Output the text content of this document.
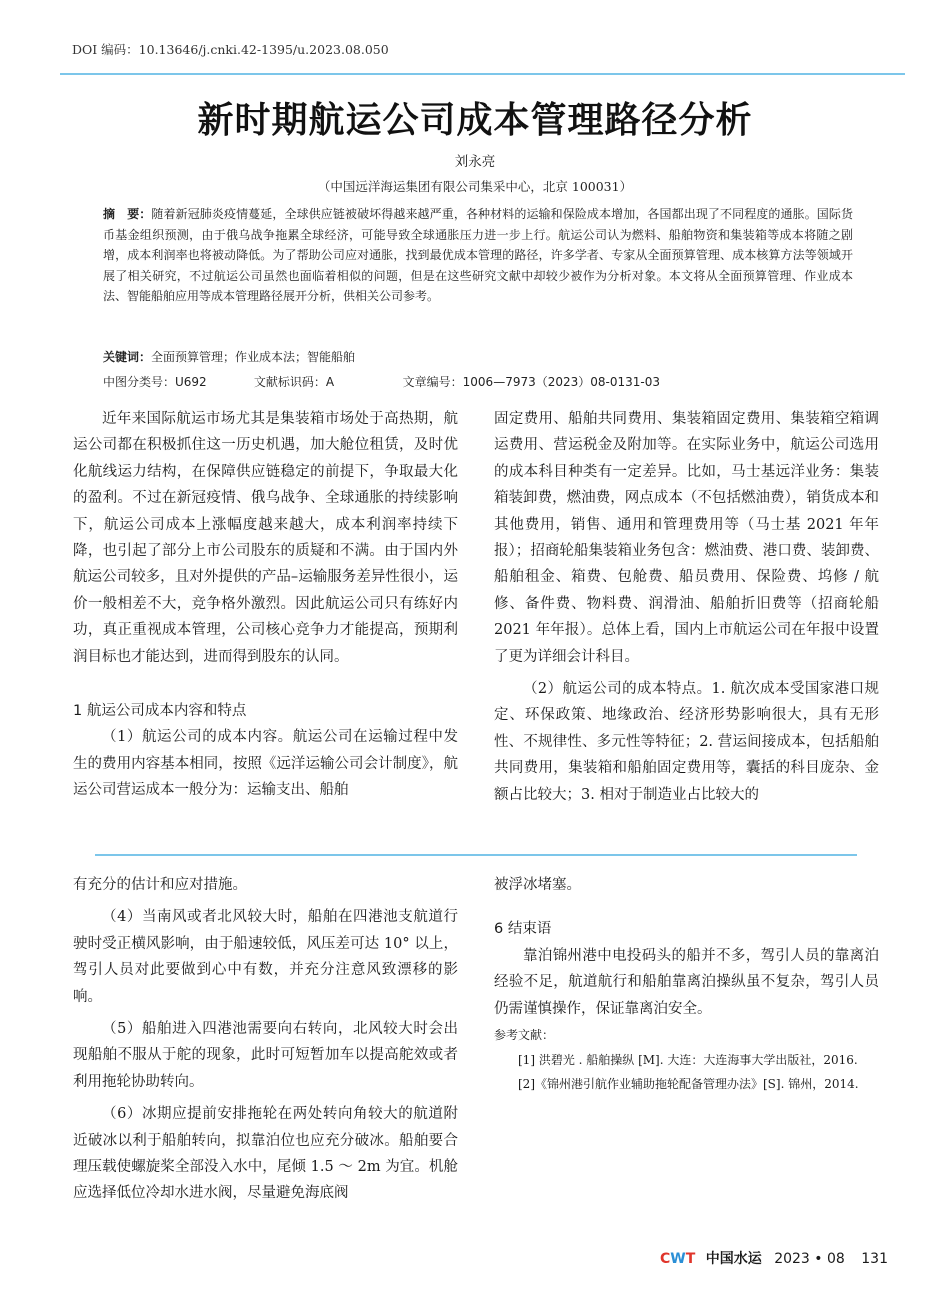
DOI 编码：10.13646/j.cnki.42-1395/u.2023.08.050
新时期航运公司成本管理路径分析
刘永亮
（中国远洋海运集团有限公司集采中心，北京 100031）
摘　要：随着新冠肺炎疫情蔓延，全球供应链被破坏得越来越严重，各种材料的运输和保险成本增加，各国都出现了不同程度的通胀。国际货币基金组织预测，由于俄乌战争拖累全球经济，可能导致全球通胀压力进一步上行。航运公司认为燃料、船舶物资和集装箱等成本将随之剧增，成本利润率也将被动降低。为了帮助公司应对通胀，找到最优成本管理的路径，许多学者、专家从全面预算管理、成本核算方法等领域开展了相关研究，不过航运公司虽然也面临着相似的问题，但是在这些研究文献中却较少被作为分析对象。本文将从全面预算管理、作业成本法、智能船舶应用等成本管理路径展开分析，供相关公司参考。
关键词：全面预算管理；作业成本法；智能船舶
中图分类号：U692	文献标识码：A	文章编号：1006—7973（2023）08-0131-03

近年来国际航运市场尤其是集装箱市场处于高热期，航运公司都在积极抓住这一历史机遇，加大舱位租赁，及时优化航线运力结构，在保障供应链稳定的前提下，争取最大化的盈利。不过在新冠疫情、俄乌战争、全球通胀的持续影响下，航运公司成本上涨幅度越来越大，成本利润率持续下降，也引起了部分上市公司股东的质疑和不满。由于国内外航运公司较多，且对外提供的产品–运输服务差异性很小，运价一般相差不大，竞争格外激烈。因此航运公司只有练好内功，真正重视成本管理，公司核心竞争力才能提高，预期利润目标也才能达到，进而得到股东的认同。

1 航运公司成本内容和特点

（1）航运公司的成本内容。航运公司在运输过程中发生的费用内容基本相同，按照《远洋运输公司会计制度》，航运公司营运成本一般分为：运输支出、船舶

固定费用、船舶共同费用、集装箱固定费用、集装箱空箱调运费用、营运税金及附加等。在实际业务中，航运公司选用的成本科目种类有一定差异。比如，马士基远洋业务：集装箱装卸费，燃油费，网点成本（不包括燃油费），销货成本和其他费用，销售、通用和管理费用等（马士基 2021 年年报）；招商轮船集装箱业务包含：燃油费、港口费、装卸费、船舶租金、箱费、包舱费、船员费用、保险费、坞修 / 航修、备件费、物料费、润滑油、船舶折旧费等（招商轮船 2021 年年报）。总体上看，国内上市航运公司在年报中设置了更为详细会计科目。

（2）航运公司的成本特点。1. 航次成本受国家港口规定、环保政策、地缘政治、经济形势影响很大，具有无形性、不规律性、多元性等特征；2. 营运间接成本，包括船舶共同费用，集装箱和船舶固定费用等，囊括的科目庞杂、金额占比较大；3. 相对于制造业占比较大的

有充分的估计和应对措施。

（4）当南风或者北风较大时，船舶在四港池支航道行驶时受正横风影响，由于船速较低，风压差可达 10° 以上，驾引人员对此要做到心中有数，并充分注意风致漂移的影响。

（5）船舶进入四港池需要向右转向，北风较大时会出现船舶不服从于舵的现象，此时可短暂加车以提高舵效或者利用拖轮协助转向。

（6）冰期应提前安排拖轮在两处转向角较大的航道附近破冰以利于船舶转向，拟靠泊位也应充分破冰。船舶要合理压载使螺旋桨全部没入水中，尾倾 1.5 ～ 2m 为宜。机舱应选择低位冷却水进水阀，尽量避免海底阀

被浮冰堵塞。

6 结束语

靠泊锦州港中电投码头的船并不多，驾引人员的靠离泊经验不足，航道航行和船舶靠离泊操纵虽不复杂，驾引人员仍需谨慎操作，保证靠离泊安全。

参考文献：

[1] 洪碧光 . 船舶操纵 [M]. 大连：大连海事大学出版社，2016.

[2]《锦州港引航作业辅助拖轮配备管理办法》[S]. 锦州，2014.

CWT 中国水运 2023 • 08 131
